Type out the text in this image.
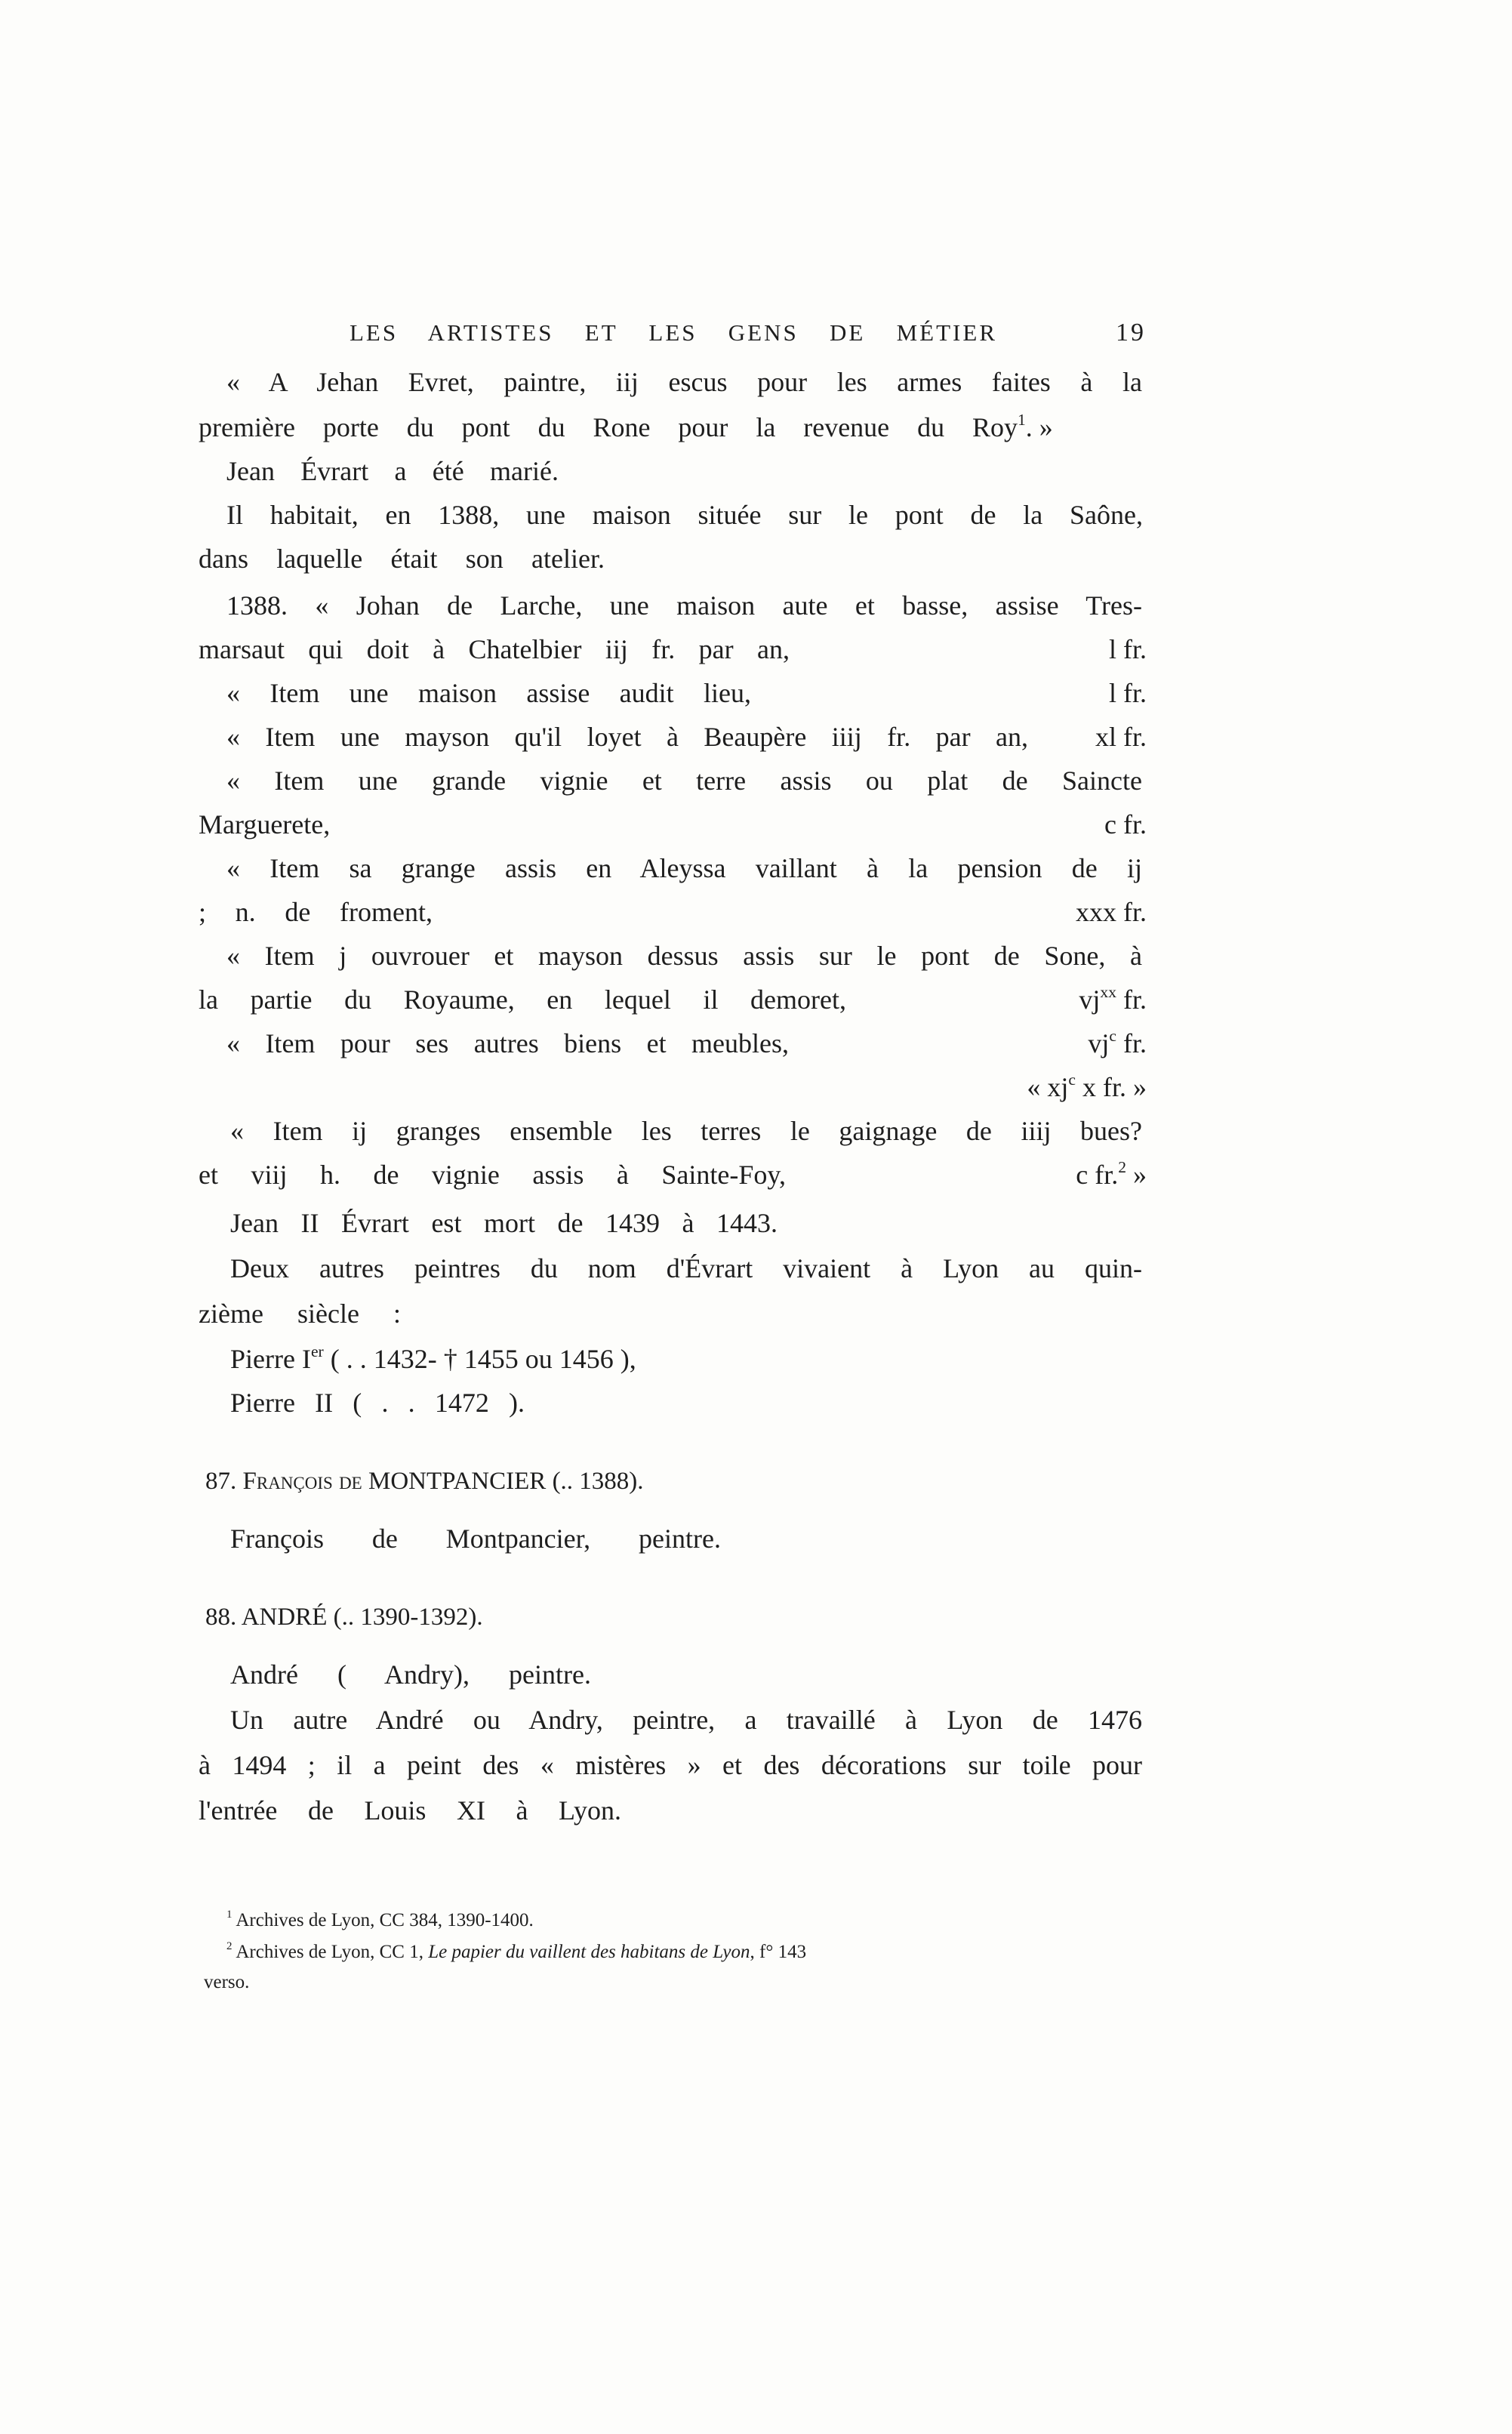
LES ARTISTES ET LES GENS DE MÉTIER	19
« A Jehan Evret, paintre, iij escus pour les armes faites à la
première porte du pont du Rone pour la revenue du Roy$^1$. »
Jean Évrart a été marié.
Il habitait, en 1388, une maison située sur le pont de la Saône,
dans laquelle était son atelier.
1388. « Johan de Larche, une maison aute et basse, assise Tres-
marsaut qui doit à Chatelbier iij fr. par an,	l fr.
« Item une maison assise audit lieu,	l fr.
« Item une mayson qu'il loyet à Beaupère iiij fr. par an, xl fr.
« Item une grande vignie et terre assis ou plat de Saincte
Marguerete,	c fr.
« Item sa grange assis en Aleyssa vaillant à la pension de ij
; n. de froment,	xxx fr.
« Item j ouvrouer et mayson dessus assis sur le pont de Sone, à
la partie du Royaume, en lequel il demoret,	$vj^{xx}$ fr.
« Item pour ses autres biens et meubles,	$vj^c$ fr.
« $xj^c$ x fr. »
« Item ij granges ensemble les terres le gaignage de iiij bues?
et viij h. de vignie assis à Sainte-Foy,	c fr.$^2$ »
Jean II Évrart est mort de 1439 à 1443.
Deux autres peintres du nom d'Évrart vivaient à Lyon au quin-
zième siècle :
Pierre Ier ( . . 1432- † 1455 ou 1456 ),
Pierre II ( . . 1472 ).
87. François de MONTPANCIER (.. 1388).
François de Montpancier, peintre.
88. ANDRÉ (.. 1390-1392).
André ( Andry), peintre.
Un autre André ou Andry, peintre, a travaillé à Lyon de 1476
à 1494 ; il a peint des « mistères » et des décorations sur toile pour
l'entrée de Louis XI à Lyon.
$^1$ Archives de Lyon, CC 384, 1390-1400.
$^2$ Archives de Lyon, CC 1, Le papier du vaillent des habitans de Lyon, f° 143
verso.
